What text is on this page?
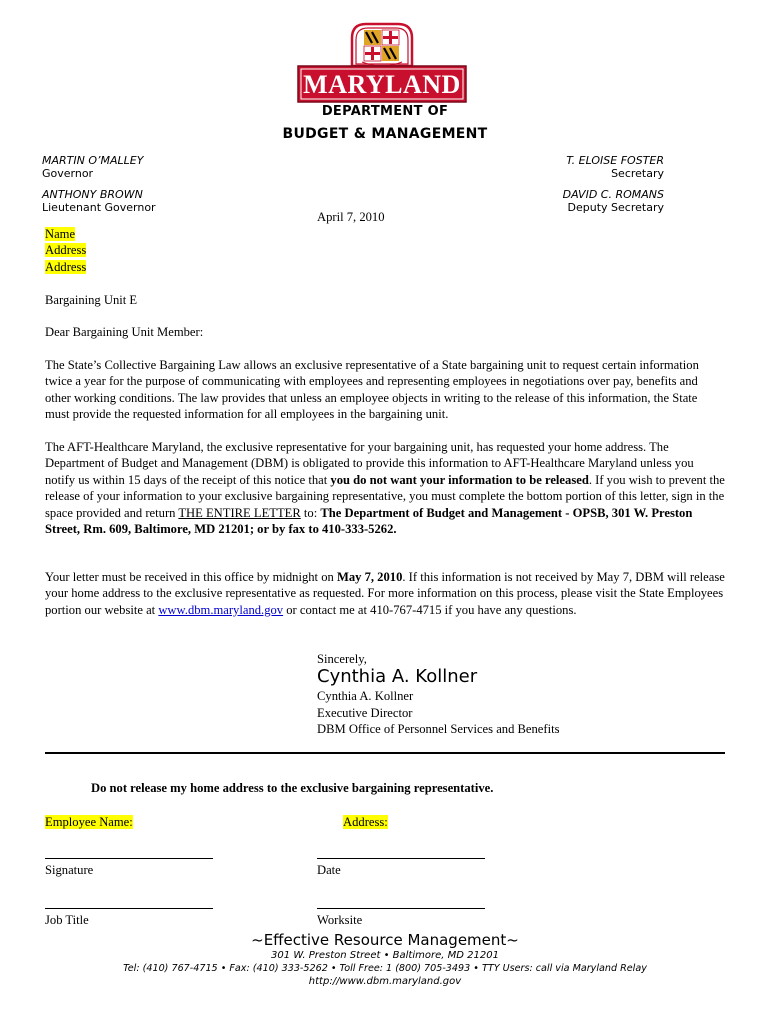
MARYLAND
DEPARTMENT OF
BUDGET & MANAGEMENT
MARTIN O’MALLEY
Governor
ANTHONY BROWN
Lieutenant Governor
T. ELOISE FOSTER
Secretary
DAVID C. ROMANS
Deputy Secretary
April 7, 2010
Name
Address
Address
Bargaining Unit E
Dear Bargaining Unit Member:
The State’s Collective Bargaining Law allows an exclusive representative of a State bargaining unit to request certain information twice a year for the purpose of communicating with employees and representing employees in negotiations over pay, benefits and other working conditions. The law provides that unless an employee objects in writing to the release of this information, the State must provide the requested information for all employees in the bargaining unit.
The AFT-Healthcare Maryland, the exclusive representative for your bargaining unit, has requested your home address. The Department of Budget and Management (DBM) is obligated to provide this information to AFT-Healthcare Maryland unless you notify us within 15 days of the receipt of this notice that you do not want your information to be released. If you wish to prevent the release of your information to your exclusive bargaining representative, you must complete the bottom portion of this letter, sign in the space provided and return THE ENTIRE LETTER to: The Department of Budget and Management - OPSB, 301 W. Preston Street, Rm. 609, Baltimore, MD 21201; or by fax to 410-333-5262.
Your letter must be received in this office by midnight on May 7, 2010. If this information is not received by May 7, DBM will release your home address to the exclusive representative as requested. For more information on this process, please visit the State Employees portion our website at www.dbm.maryland.gov or contact me at 410-767-4715 if you have any questions.
Sincerely,
Cynthia A. Kollner
Cynthia A. Kollner
Executive Director
DBM Office of Personnel Services and Benefits
Do not release my home address to the exclusive bargaining representative.
Employee Name:	Address:
Signature	Date
Job Title	Worksite
~Effective Resource Management~
301 W. Preston Street • Baltimore, MD 21201
Tel: (410) 767-4715 • Fax: (410) 333-5262 • Toll Free: 1 (800) 705-3493 • TTY Users: call via Maryland Relay
http://www.dbm.maryland.gov
